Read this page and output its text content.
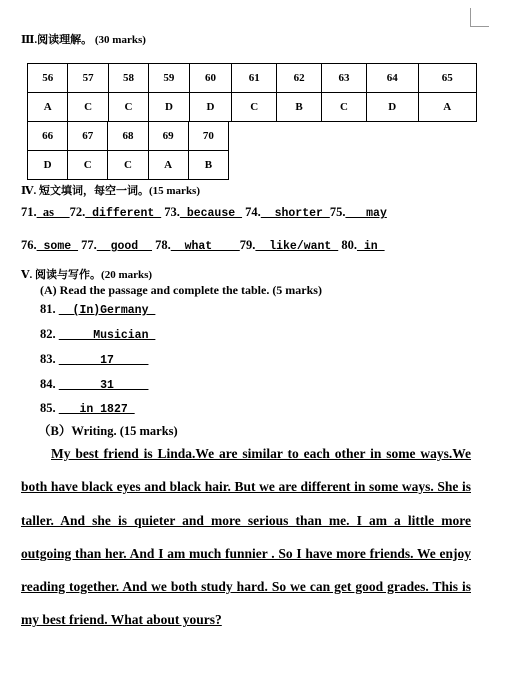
Ⅲ.阅读理解。 (30 marks)
56	57	58	59	60	61	62	63	64	65
A	C	C	D	D	C	B	C	D	A
66	67	68	69	70
D	C	C	A	B
Ⅳ. 短文填词，每空一词。(15 marks)
71.  as     72. different  73. because  74.  shorter 75.   may
76. some  77.  good   78.  what    79.  like/want  80. in
Ⅴ. 阅读与写作。(20 marks)
(A) Read the passage and complete the table. (5 marks)
81.   (In)Germany
82.      Musician
83.       17
84.       31
85.    in 1827
（B）Writing. (15 marks)
My best friend is Linda.We are similar to each other in some ways.We both have black eyes and black hair. But we are different in some ways. She is taller. And she is quieter and more serious than me. I am a little more outgoing than her. And I am much funnier . So I have more friends. We enjoy reading together. And we both study hard. So we can get good grades. This is my best friend. What about yours?
